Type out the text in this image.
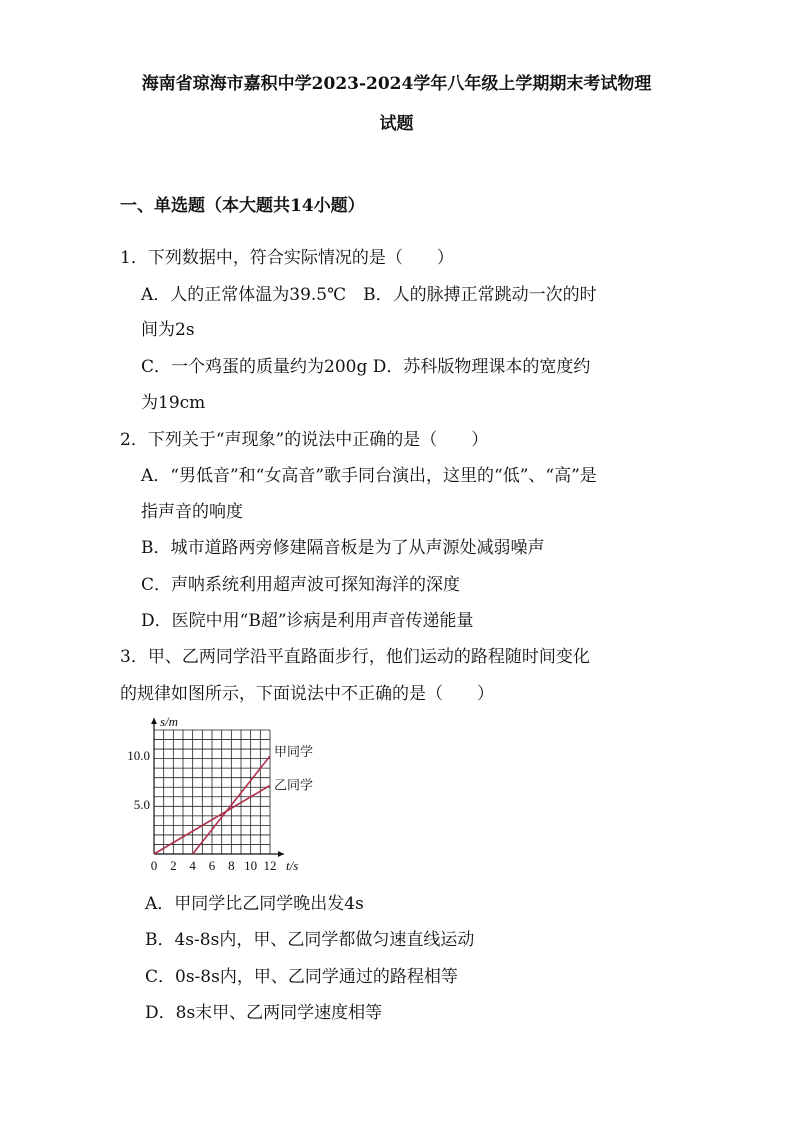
海南省琼海市嘉积中学2023-2024学年八年级上学期期末考试物理
试题
一、单选题（本大题共14小题）
1．下列数据中，符合实际情况的是（　　）
A．人的正常体温为39.5℃　B．人的脉搏正常跳动一次的时
间为2s
C．一个鸡蛋的质量约为200g D．苏科版物理课本的宽度约
为19cm
2．下列关于“声现象”的说法中正确的是（　　）
A．“男低音”和“女高音”歌手同台演出，这里的“低”、“高”是
指声音的响度
B．城市道路两旁修建隔音板是为了从声源处减弱噪声
C．声呐系统利用超声波可探知海洋的深度
D．医院中用“B超”诊病是利用声音传递能量
3．甲、乙两同学沿平直路面步行，他们运动的路程随时间变化
的规律如图所示，下面说法中不正确的是（　　）
甲同学
乙同学
0 2 4 6 8 10 12
5.0
10.0
t/s
s/m
A．甲同学比乙同学晚出发4s
B．4s-8s内，甲、乙同学都做匀速直线运动
C．0s-8s内，甲、乙同学通过的路程相等
D．8s末甲、乙两同学速度相等
